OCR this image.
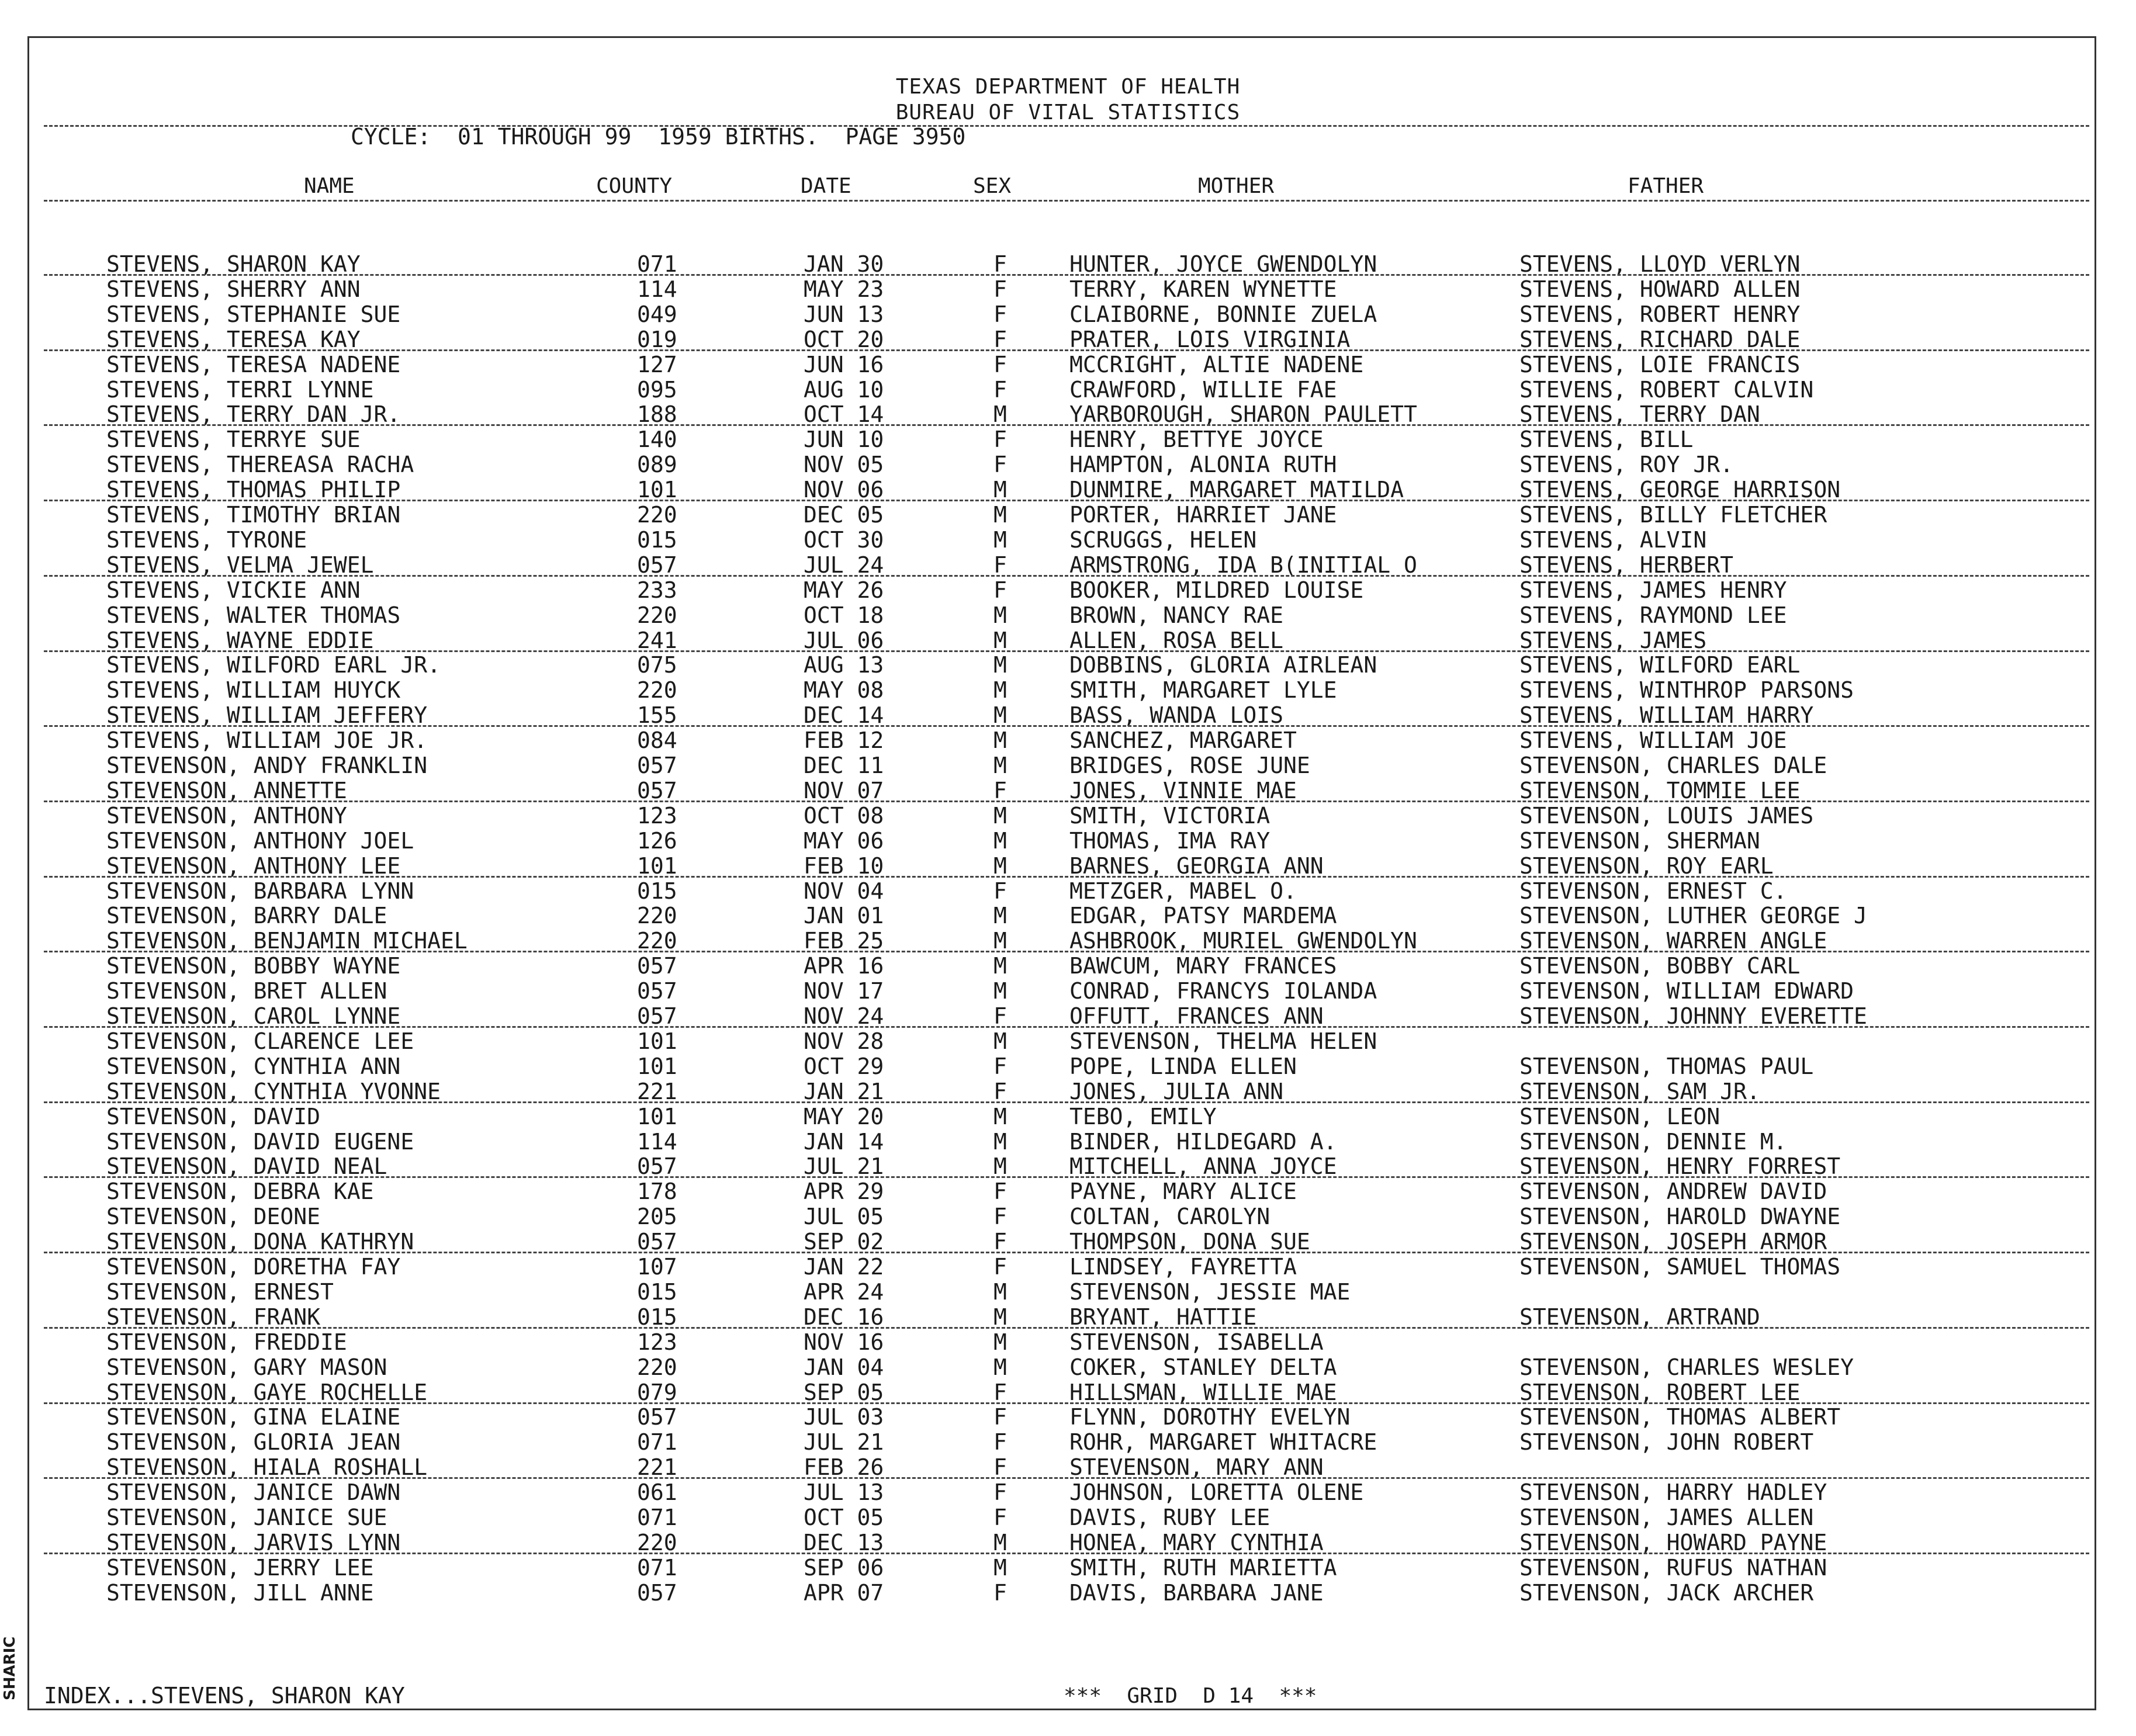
TEXAS DEPARTMENT OF HEALTH
BUREAU OF VITAL STATISTICS
CYCLE:  01 THROUGH 99  1959 BIRTHS.  PAGE 3950
NAME	COUNTY	DATE	SEX	MOTHER	FATHER
STEVENS, SHARON KAY	071	JAN 30	F	HUNTER, JOYCE GWENDOLYN	STEVENS, LLOYD VERLYN
STEVENS, SHERRY ANN	114	MAY 23	F	TERRY, KAREN WYNETTE	STEVENS, HOWARD ALLEN
STEVENS, STEPHANIE SUE	049	JUN 13	F	CLAIBORNE, BONNIE ZUELA	STEVENS, ROBERT HENRY
STEVENS, TERESA KAY	019	OCT 20	F	PRATER, LOIS VIRGINIA	STEVENS, RICHARD DALE
STEVENS, TERESA NADENE	127	JUN 16	F	MCCRIGHT, ALTIE NADENE	STEVENS, LOIE FRANCIS
STEVENS, TERRI LYNNE	095	AUG 10	F	CRAWFORD, WILLIE FAE	STEVENS, ROBERT CALVIN
STEVENS, TERRY DAN JR.	188	OCT 14	M	YARBOROUGH, SHARON PAULETT	STEVENS, TERRY DAN
STEVENS, TERRYE SUE	140	JUN 10	F	HENRY, BETTYE JOYCE	STEVENS, BILL
STEVENS, THEREASA RACHA	089	NOV 05	F	HAMPTON, ALONIA RUTH	STEVENS, ROY JR.
STEVENS, THOMAS PHILIP	101	NOV 06	M	DUNMIRE, MARGARET MATILDA	STEVENS, GEORGE HARRISON
STEVENS, TIMOTHY BRIAN	220	DEC 05	M	PORTER, HARRIET JANE	STEVENS, BILLY FLETCHER
STEVENS, TYRONE	015	OCT 30	M	SCRUGGS, HELEN	STEVENS, ALVIN
STEVENS, VELMA JEWEL	057	JUL 24	F	ARMSTRONG, IDA B(INITIAL O	STEVENS, HERBERT
STEVENS, VICKIE ANN	233	MAY 26	F	BOOKER, MILDRED LOUISE	STEVENS, JAMES HENRY
STEVENS, WALTER THOMAS	220	OCT 18	M	BROWN, NANCY RAE	STEVENS, RAYMOND LEE
STEVENS, WAYNE EDDIE	241	JUL 06	M	ALLEN, ROSA BELL	STEVENS, JAMES
STEVENS, WILFORD EARL JR.	075	AUG 13	M	DOBBINS, GLORIA AIRLEAN	STEVENS, WILFORD EARL
STEVENS, WILLIAM HUYCK	220	MAY 08	M	SMITH, MARGARET LYLE	STEVENS, WINTHROP PARSONS
STEVENS, WILLIAM JEFFERY	155	DEC 14	M	BASS, WANDA LOIS	STEVENS, WILLIAM HARRY
STEVENS, WILLIAM JOE JR.	084	FEB 12	M	SANCHEZ, MARGARET	STEVENS, WILLIAM JOE
STEVENSON, ANDY FRANKLIN	057	DEC 11	M	BRIDGES, ROSE JUNE	STEVENSON, CHARLES DALE
STEVENSON, ANNETTE	057	NOV 07	F	JONES, VINNIE MAE	STEVENSON, TOMMIE LEE
STEVENSON, ANTHONY	123	OCT 08	M	SMITH, VICTORIA	STEVENSON, LOUIS JAMES
STEVENSON, ANTHONY JOEL	126	MAY 06	M	THOMAS, IMA RAY	STEVENSON, SHERMAN
STEVENSON, ANTHONY LEE	101	FEB 10	M	BARNES, GEORGIA ANN	STEVENSON, ROY EARL
STEVENSON, BARBARA LYNN	015	NOV 04	F	METZGER, MABEL O.	STEVENSON, ERNEST C.
STEVENSON, BARRY DALE	220	JAN 01	M	EDGAR, PATSY MARDEMA	STEVENSON, LUTHER GEORGE J
STEVENSON, BENJAMIN MICHAEL	220	FEB 25	M	ASHBROOK, MURIEL GWENDOLYN	STEVENSON, WARREN ANGLE
STEVENSON, BOBBY WAYNE	057	APR 16	M	BAWCUM, MARY FRANCES	STEVENSON, BOBBY CARL
STEVENSON, BRET ALLEN	057	NOV 17	M	CONRAD, FRANCYS IOLANDA	STEVENSON, WILLIAM EDWARD
STEVENSON, CAROL LYNNE	057	NOV 24	F	OFFUTT, FRANCES ANN	STEVENSON, JOHNNY EVERETTE
STEVENSON, CLARENCE LEE	101	NOV 28	M	STEVENSON, THELMA HELEN
STEVENSON, CYNTHIA ANN	101	OCT 29	F	POPE, LINDA ELLEN	STEVENSON, THOMAS PAUL
STEVENSON, CYNTHIA YVONNE	221	JAN 21	F	JONES, JULIA ANN	STEVENSON, SAM JR.
STEVENSON, DAVID	101	MAY 20	M	TEBO, EMILY	STEVENSON, LEON
STEVENSON, DAVID EUGENE	114	JAN 14	M	BINDER, HILDEGARD A.	STEVENSON, DENNIE M.
STEVENSON, DAVID NEAL	057	JUL 21	M	MITCHELL, ANNA JOYCE	STEVENSON, HENRY FORREST
STEVENSON, DEBRA KAE	178	APR 29	F	PAYNE, MARY ALICE	STEVENSON, ANDREW DAVID
STEVENSON, DEONE	205	JUL 05	F	COLTAN, CAROLYN	STEVENSON, HAROLD DWAYNE
STEVENSON, DONA KATHRYN	057	SEP 02	F	THOMPSON, DONA SUE	STEVENSON, JOSEPH ARMOR
STEVENSON, DORETHA FAY	107	JAN 22	F	LINDSEY, FAYRETTA	STEVENSON, SAMUEL THOMAS
STEVENSON, ERNEST	015	APR 24	M	STEVENSON, JESSIE MAE
STEVENSON, FRANK	015	DEC 16	M	BRYANT, HATTIE	STEVENSON, ARTRAND
STEVENSON, FREDDIE	123	NOV 16	M	STEVENSON, ISABELLA
STEVENSON, GARY MASON	220	JAN 04	M	COKER, STANLEY DELTA	STEVENSON, CHARLES WESLEY
STEVENSON, GAYE ROCHELLE	079	SEP 05	F	HILLSMAN, WILLIE MAE	STEVENSON, ROBERT LEE
STEVENSON, GINA ELAINE	057	JUL 03	F	FLYNN, DOROTHY EVELYN	STEVENSON, THOMAS ALBERT
STEVENSON, GLORIA JEAN	071	JUL 21	F	ROHR, MARGARET WHITACRE	STEVENSON, JOHN ROBERT
STEVENSON, HIALA ROSHALL	221	FEB 26	F	STEVENSON, MARY ANN
STEVENSON, JANICE DAWN	061	JUL 13	F	JOHNSON, LORETTA OLENE	STEVENSON, HARRY HADLEY
STEVENSON, JANICE SUE	071	OCT 05	F	DAVIS, RUBY LEE	STEVENSON, JAMES ALLEN
STEVENSON, JARVIS LYNN	220	DEC 13	M	HONEA, MARY CYNTHIA	STEVENSON, HOWARD PAYNE
STEVENSON, JERRY LEE	071	SEP 06	M	SMITH, RUTH MARIETTA	STEVENSON, RUFUS NATHAN
STEVENSON, JILL ANNE	057	APR 07	F	DAVIS, BARBARA JANE	STEVENSON, JACK ARCHER
INDEX...STEVENS, SHARON KAY	***  GRID  D 14  ***
SHARIC
